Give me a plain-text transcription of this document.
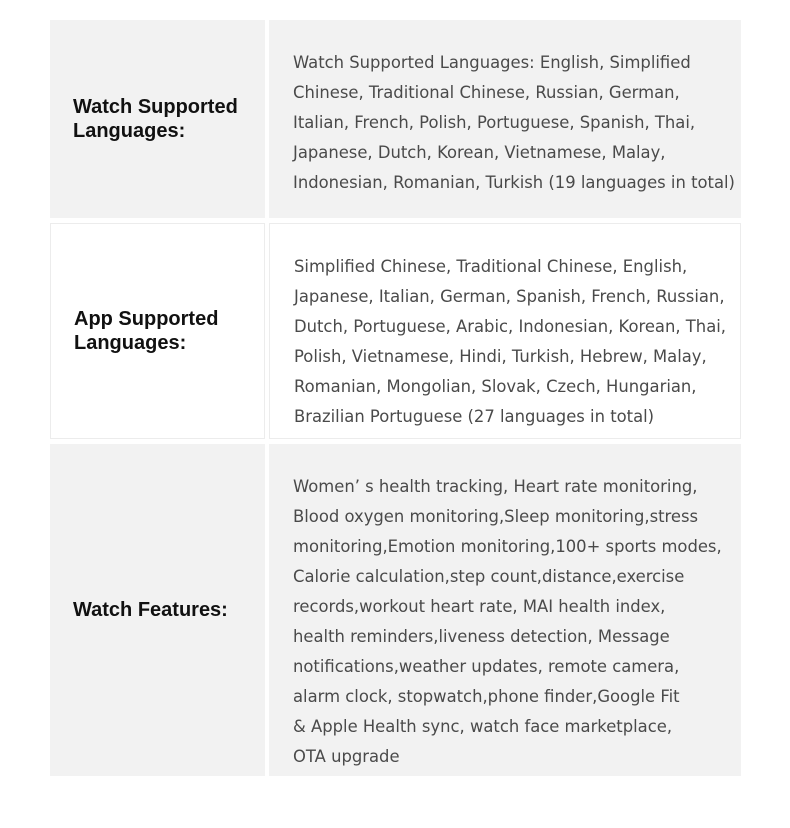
Watch Supported
Languages:
Watch Supported Languages: English, Simplified
Chinese, Traditional Chinese, Russian, German,
Italian, French, Polish, Portuguese, Spanish, Thai,
Japanese, Dutch, Korean, Vietnamese, Malay,
Indonesian, Romanian, Turkish (19 languages in total)
App Supported
Languages:
Simplified Chinese, Traditional Chinese, English,
Japanese, Italian, German, Spanish, French, Russian,
Dutch, Portuguese, Arabic, Indonesian, Korean, Thai,
Polish, Vietnamese, Hindi, Turkish, Hebrew, Malay,
Romanian, Mongolian, Slovak, Czech, Hungarian,
Brazilian Portuguese (27 languages in total)
Watch Features:
Women’ s health tracking, Heart rate monitoring,
Blood oxygen monitoring,Sleep monitoring,stress
monitoring,Emotion monitoring,100+ sports modes,
Calorie calculation,step count,distance,exercise
records,workout heart rate, MAI health index,
health reminders,liveness detection, Message
notifications,weather updates, remote camera,
alarm clock, stopwatch,phone finder,Google Fit
& Apple Health sync, watch face marketplace,
OTA upgrade
